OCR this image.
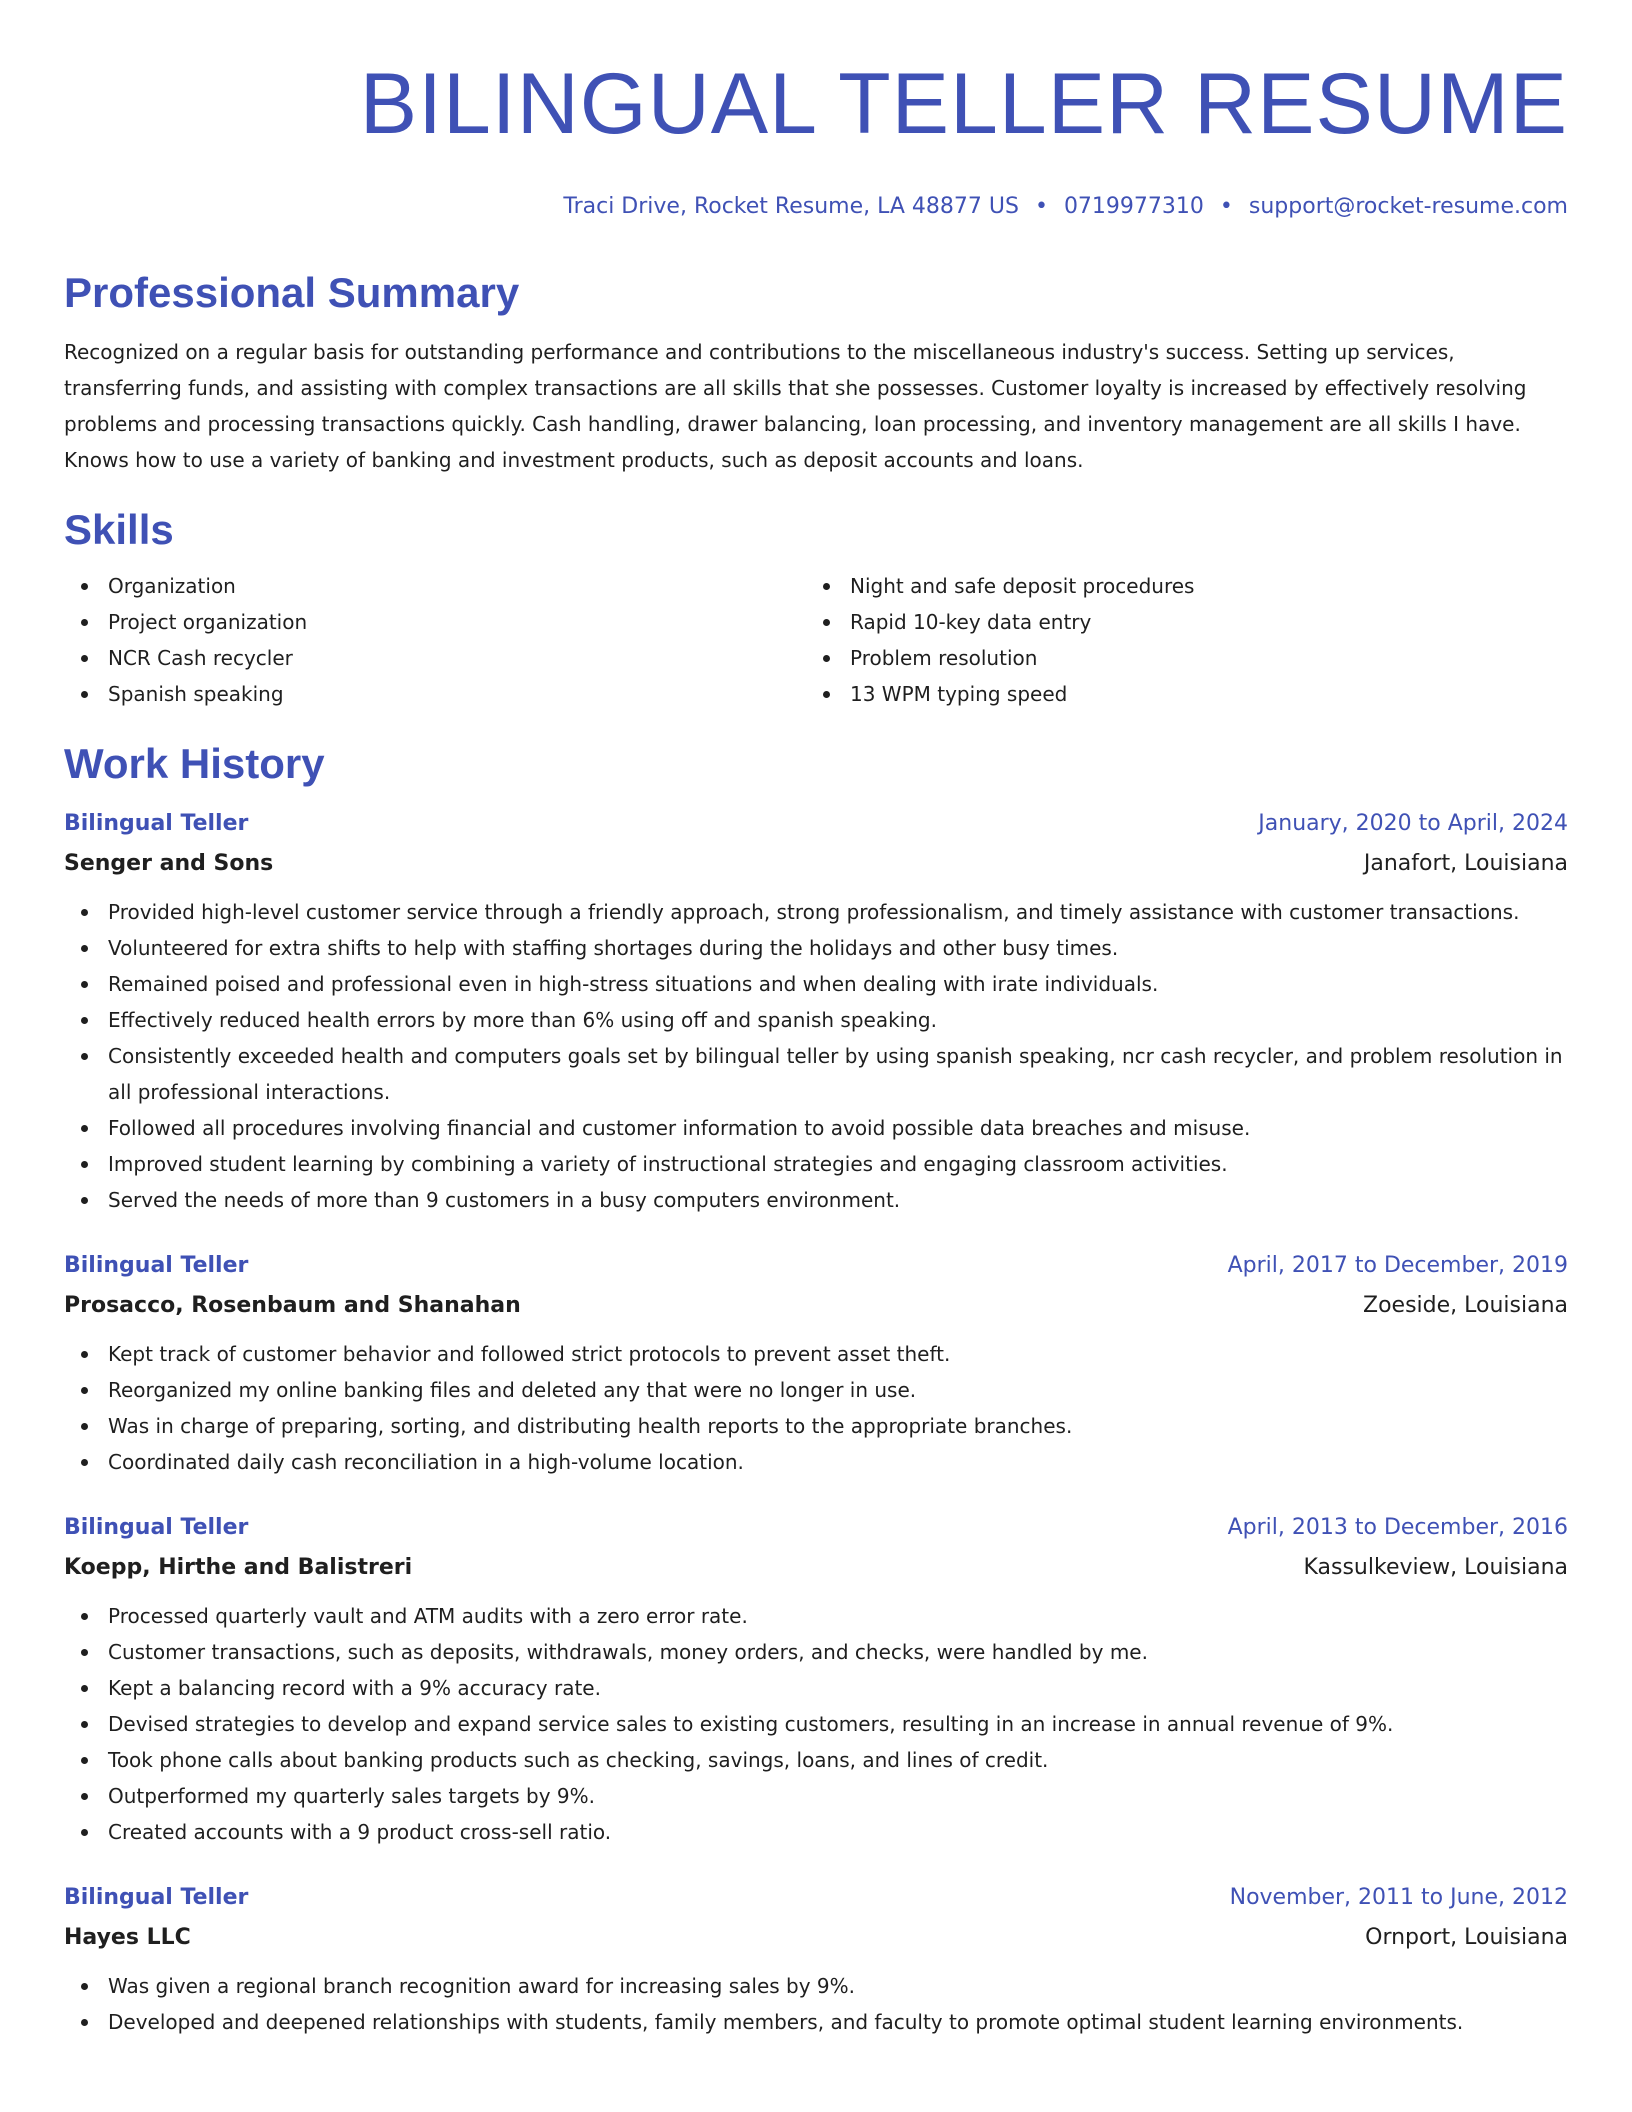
BILINGUAL TELLER RESUME
Traci Drive, Rocket Resume, LA 48877 US • 0719977310 • support@rocket-resume.com
Professional Summary
Recognized on a regular basis for outstanding performance and contributions to the miscellaneous industry's success. Setting up services, transferring funds, and assisting with complex transactions are all skills that she possesses. Customer loyalty is increased by effectively resolving problems and processing transactions quickly. Cash handling, drawer balancing, loan processing, and inventory management are all skills I have. Knows how to use a variety of banking and investment products, such as deposit accounts and loans.
Skills
Organization
Project organization
NCR Cash recycler
Spanish speaking
Night and safe deposit procedures
Rapid 10-key data entry
Problem resolution
13 WPM typing speed
Work History
Bilingual Teller	January, 2020 to April, 2024
Senger and Sons	Janafort, Louisiana
Provided high-level customer service through a friendly approach, strong professionalism, and timely assistance with customer transactions.
Volunteered for extra shifts to help with staffing shortages during the holidays and other busy times.
Remained poised and professional even in high-stress situations and when dealing with irate individuals.
Effectively reduced health errors by more than 6% using off and spanish speaking.
Consistently exceeded health and computers goals set by bilingual teller by using spanish speaking, ncr cash recycler, and problem resolution in all professional interactions.
Followed all procedures involving financial and customer information to avoid possible data breaches and misuse.
Improved student learning by combining a variety of instructional strategies and engaging classroom activities.
Served the needs of more than 9 customers in a busy computers environment.
Bilingual Teller	April, 2017 to December, 2019
Prosacco, Rosenbaum and Shanahan	Zoeside, Louisiana
Kept track of customer behavior and followed strict protocols to prevent asset theft.
Reorganized my online banking files and deleted any that were no longer in use.
Was in charge of preparing, sorting, and distributing health reports to the appropriate branches.
Coordinated daily cash reconciliation in a high-volume location.
Bilingual Teller	April, 2013 to December, 2016
Koepp, Hirthe and Balistreri	Kassulkeview, Louisiana
Processed quarterly vault and ATM audits with a zero error rate.
Customer transactions, such as deposits, withdrawals, money orders, and checks, were handled by me.
Kept a balancing record with a 9% accuracy rate.
Devised strategies to develop and expand service sales to existing customers, resulting in an increase in annual revenue of 9%.
Took phone calls about banking products such as checking, savings, loans, and lines of credit.
Outperformed my quarterly sales targets by 9%.
Created accounts with a 9 product cross-sell ratio.
Bilingual Teller	November, 2011 to June, 2012
Hayes LLC	Ornport, Louisiana
Was given a regional branch recognition award for increasing sales by 9%.
Developed and deepened relationships with students, family members, and faculty to promote optimal student learning environments.
